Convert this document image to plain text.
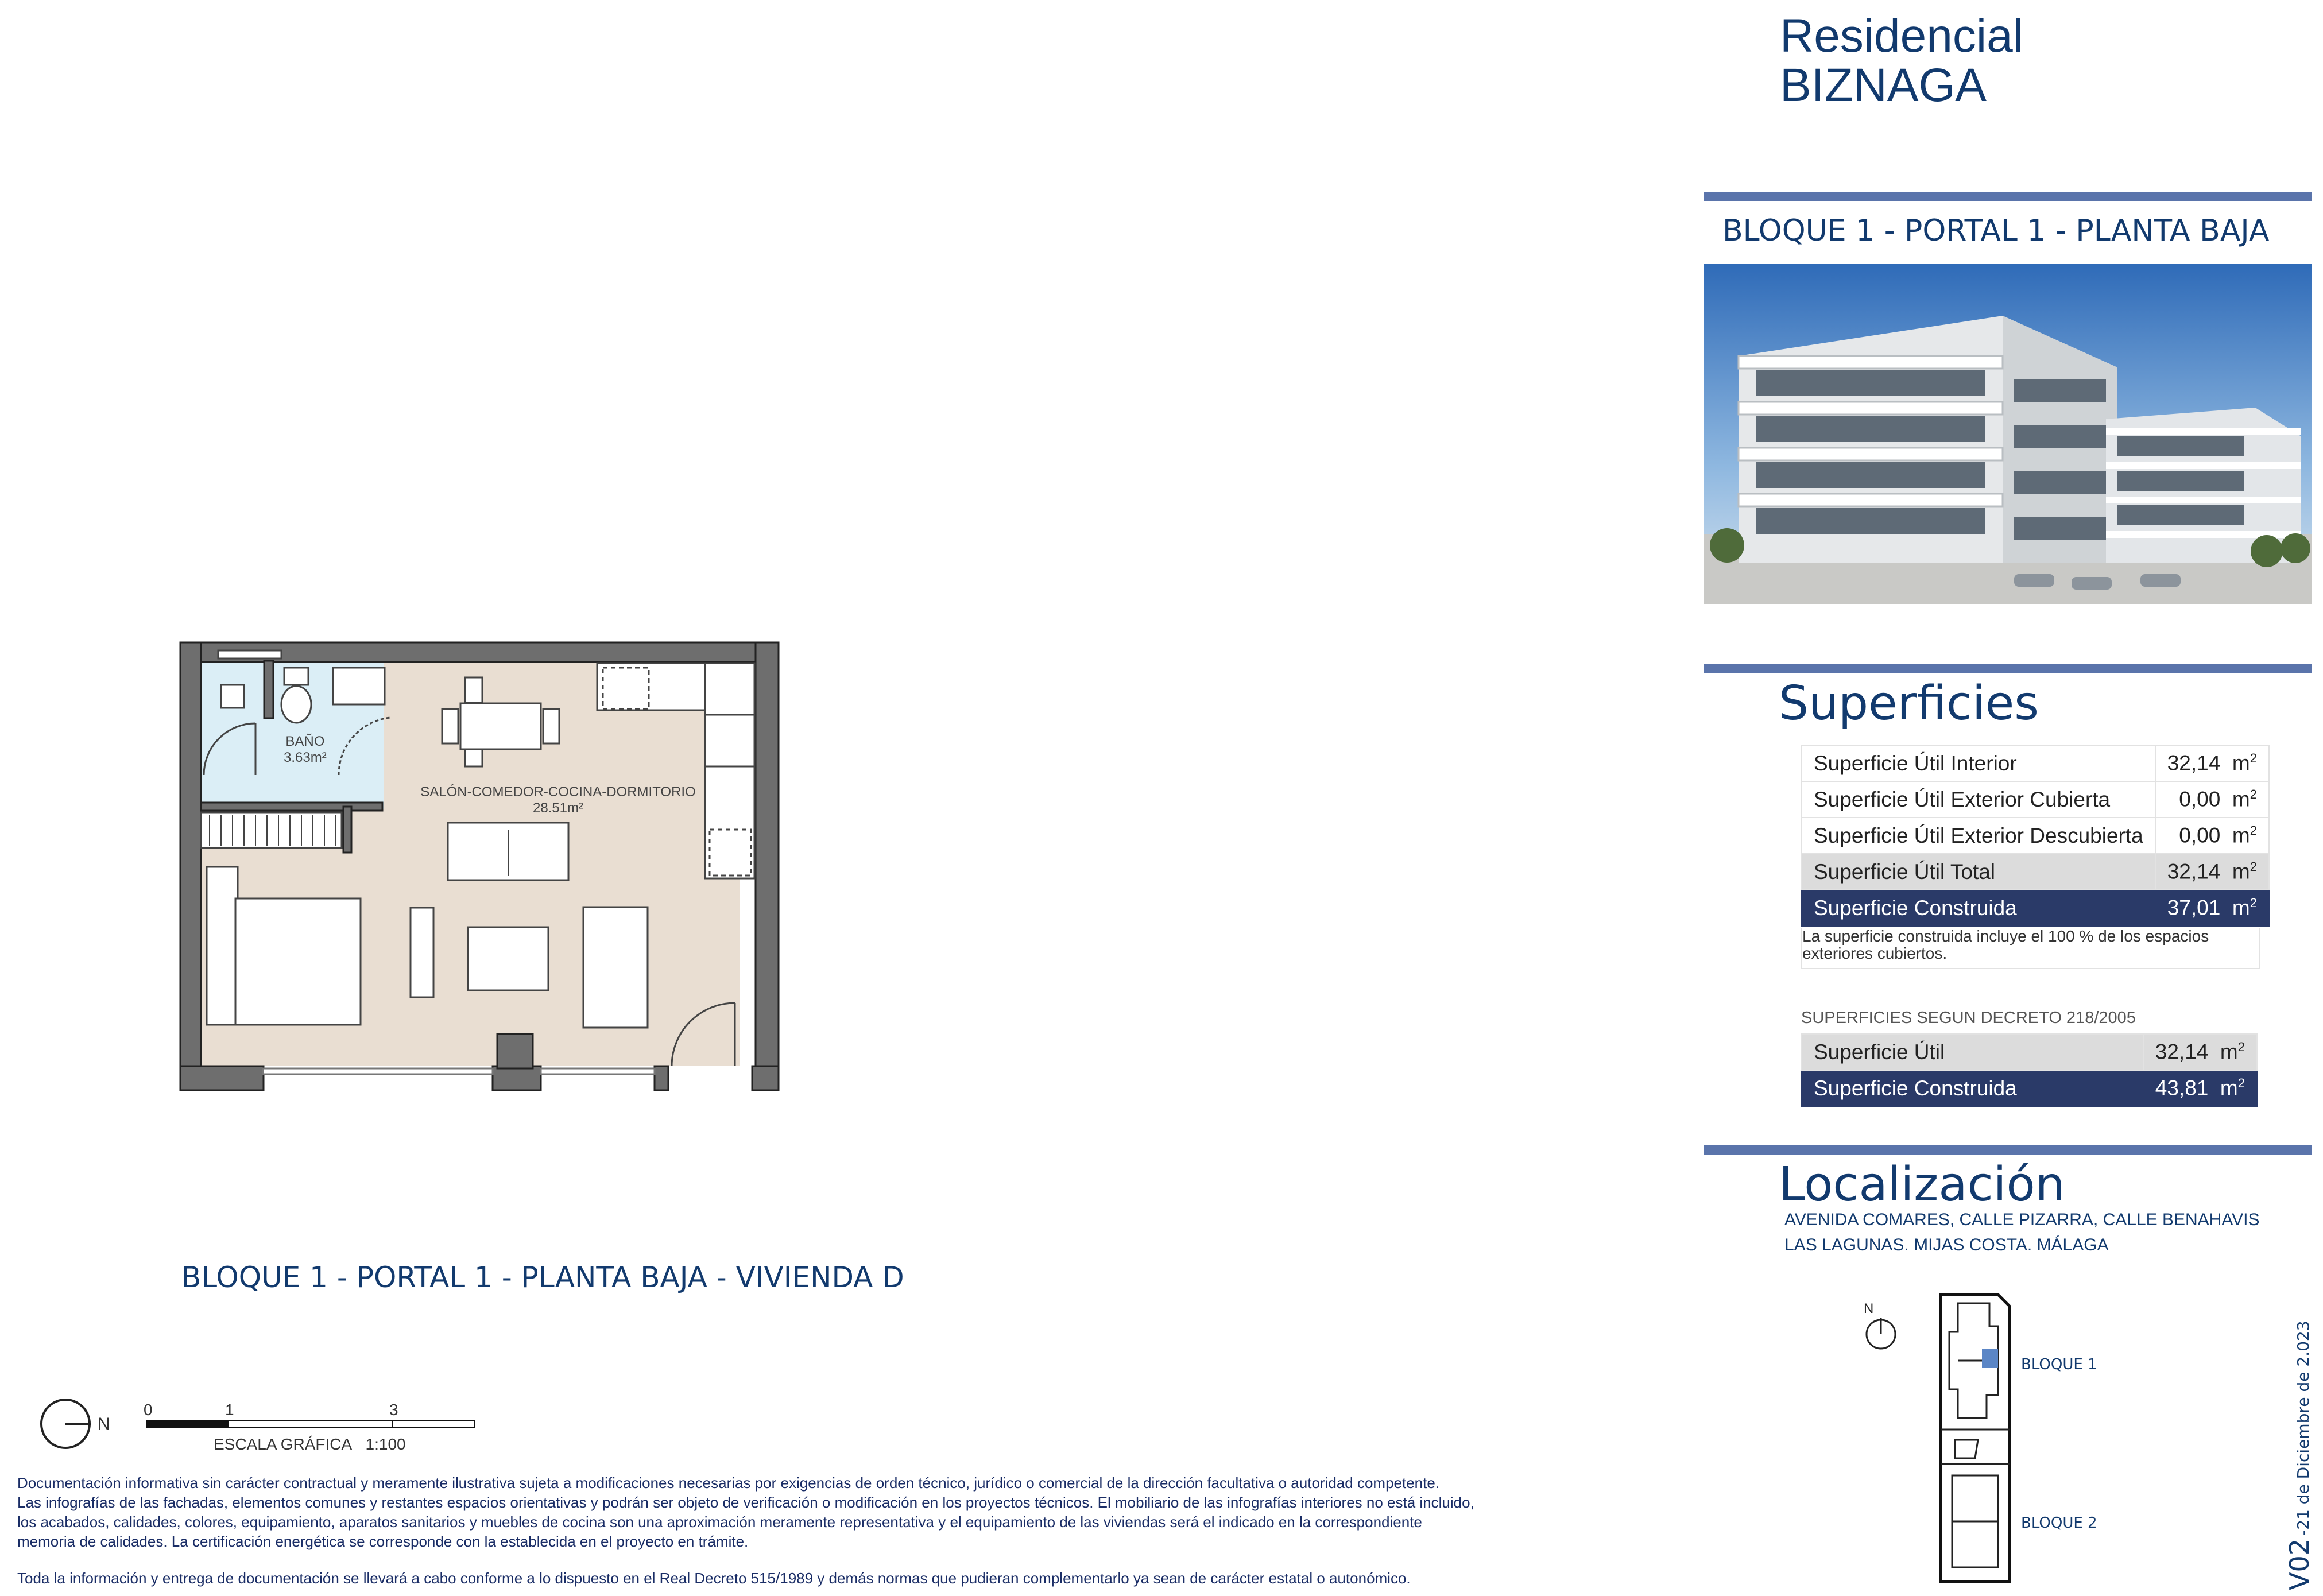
Residencial
BIZNAGA
BLOQUE 1 - PORTAL 1 - PLANTA BAJA
Superficies
Superficie Útil Interior	32,14 $m^2$
Superficie Útil Exterior Cubierta	0,00 $m^2$
Superficie Útil Exterior Descubierta	0,00 $m^2$
Superficie Útil Total	32,14 $m^2$
Superficie Construida	37,01 $m^2$
La superficie construida incluye el 100 % de los espacios exteriores cubiertos.
SUPERFICIES SEGUN DECRETO 218/2005
Superficie Útil	32,14 $m^2$
Superficie Construida	43,81 $m^2$
Localización
AVENIDA COMARES, CALLE PIZARRA, CALLE BENAHAVIS
LAS LAGUNAS. MIJAS COSTA. MÁLAGA
N
BLOQUE 1
BLOQUE 2
V02 -21 de Diciembre de 2.023
BAÑO
3.63m²
SALÓN-COMEDOR-COCINA-DORMITORIO
28.51m²
BLOQUE 1 - PORTAL 1 - PLANTA BAJA - VIVIENDA D
N
0	1	3
ESCALA GRÁFICA 1:100
Documentación informativa sin carácter contractual y meramente ilustrativa sujeta a modificaciones necesarias por exigencias de orden técnico, jurídico o comercial de la dirección facultativa o autoridad competente.
Las infografías de las fachadas, elementos comunes y restantes espacios orientativas y podrán ser objeto de verificación o modificación en los proyectos técnicos. El mobiliario de las infografías interiores no está incluido,
los acabados, calidades, colores, equipamiento, aparatos sanitarios y muebles de cocina son una aproximación meramente representativa y el equipamiento de las viviendas será el indicado en la correspondiente
memoria de calidades. La certificación energética se corresponde con la establecida en el proyecto en trámite.
Toda la información y entrega de documentación se llevará a cabo conforme a lo dispuesto en el Real Decreto 515/1989 y demás normas que pudieran complementarlo ya sean de carácter estatal o autonómico.
